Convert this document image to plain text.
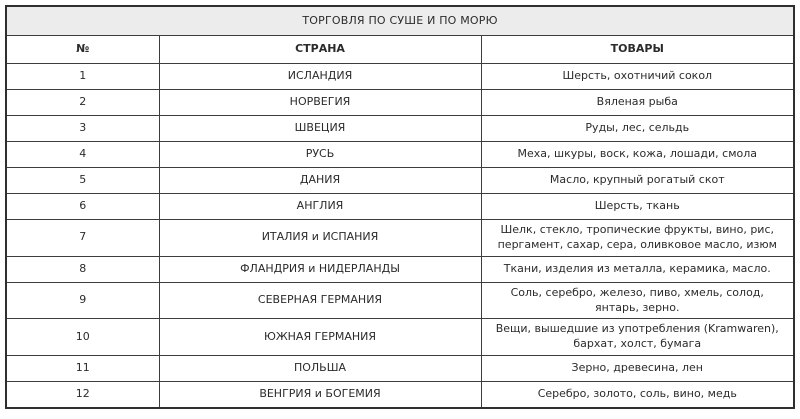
ТОРГОВЛЯ ПО СУШЕ И ПО МОРЮ		
№	СТРАНА	ТОВАРЫ
1	ИСЛАНДИЯ	Шерсть, охотничий сокол
2	НОРВЕГИЯ	Вяленая рыба
3	ШВЕЦИЯ	Руды, лес, сельдь
4	РУСЬ	Меха, шкуры, воск, кожа, лошади, смола
5	ДАНИЯ	Масло, крупный рогатый скот
6	АНГЛИЯ	Шерсть, ткань
7	ИТАЛИЯ и ИСПАНИЯ	Шелк, стекло, тропические фрукты, вино, рис, пергамент, сахар, сера, оливковое масло, изюм
8	ФЛАНДРИЯ и НИДЕРЛАНДЫ	Ткани, изделия из металла, керамика, масло.
9	СЕВЕРНАЯ ГЕРМАНИЯ	Соль, серебро, железо, пиво, хмель, солод, янтарь, зерно.
10	ЮЖНАЯ ГЕРМАНИЯ	Вещи, вышедшие из употребления (Kramwaren), бархат, холст, бумага
11	ПОЛЬША	Зерно, древесина, лен
12	ВЕНГРИЯ и БОГЕМИЯ	Серебро, золото, соль, вино, медь
